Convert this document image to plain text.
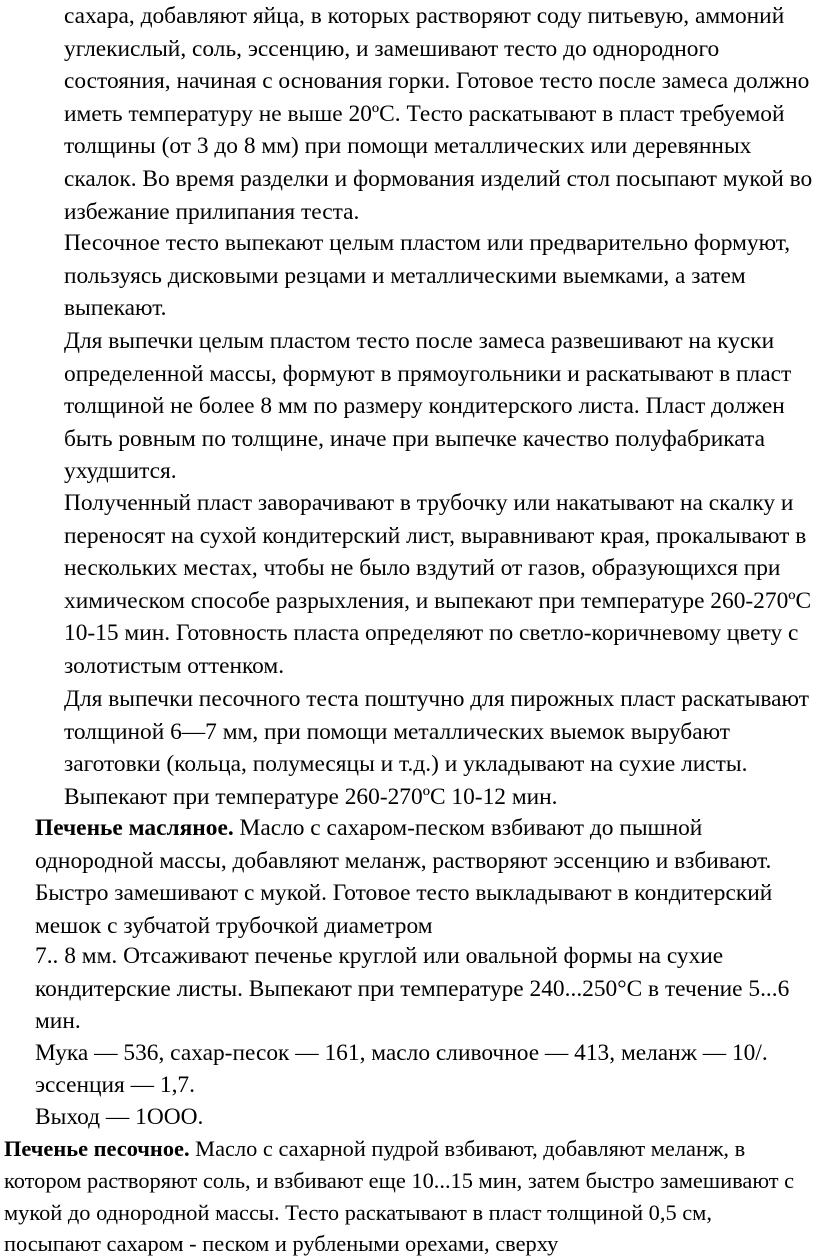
сахара, добавляют яйца, в которых растворяют соду питьевую, аммоний углекислый, соль, эссенцию, и замешивают тесто до однородного состояния, начиная с основания горки. Готовое тесто после замеса должно иметь температуру не выше 20ºС. Тесто раскатывают в пласт требуемой толщины (от 3 до 8 мм) при помощи металлических или деревянных скалок. Во время разделки и формования изделий стол посыпают мукой во избежание прилипания теста.

Песочное тесто выпекают целым пластом или предварительно формуют, пользуясь дисковыми резцами и металлическими выемками, а затем выпекают.

Для выпечки целым пластом тесто после замеса развешивают на куски определенной массы, формуют в прямоугольники и раскатывают в пласт толщиной не более 8 мм по размеру кондитерского листа. Пласт должен быть ровным по толщине, иначе при выпечке качество полуфабриката ухудшится.

Полученный пласт заворачивают в трубочку или накатывают на скалку и переносят на сухой кондитерский лист, выравнивают края, прокалывают в нескольких местах, чтобы не было вздутий от газов, образующихся при химическом способе разрыхления, и выпекают при температуре 260-270ºС 10-15 мин. Готовность пласта определяют по светло-коричневому цвету с золотистым оттенком.

Для выпечки песочного теста поштучно для пирожных пласт раскатывают толщиной 6—7 мм, при помощи металлических выемок вырубают заготовки (кольца, полумесяцы и т.д.) и укладывают на сухие листы. Выпекают при температуре 260-270ºС 10-12 мин.

Печенье масляное. Масло с сахаром-песком взбивают до пышной однородной массы, добавляют меланж, растворяют эссенцию и взбивают. Быстро замешивают с мукой. Готовое тесто выкладывают в кондитерский мешок с зубчатой трубочкой диаметром

7.. 8 мм. Отсаживают печенье круглой или овальной формы на сухие кондитерские листы. Выпекают при температуре 240...250°С в течение 5...6 мин.

Мука — 536, сахар-песок — 161, масло сливочное — 413, меланж — 10/.

эссенция — 1,7.

Выход — 1ООО.

Печенье песочное. Масло с сахарной пудрой взбивают, добавляют меланж, в котором растворяют соль, и взбивают еще 10...15 мин, затем быстро замешивают с мукой до однородной массы. Тесто раскатывают в пласт толщиной 0,5 см, посыпают сахаром - песком и рублеными орехами, сверху
